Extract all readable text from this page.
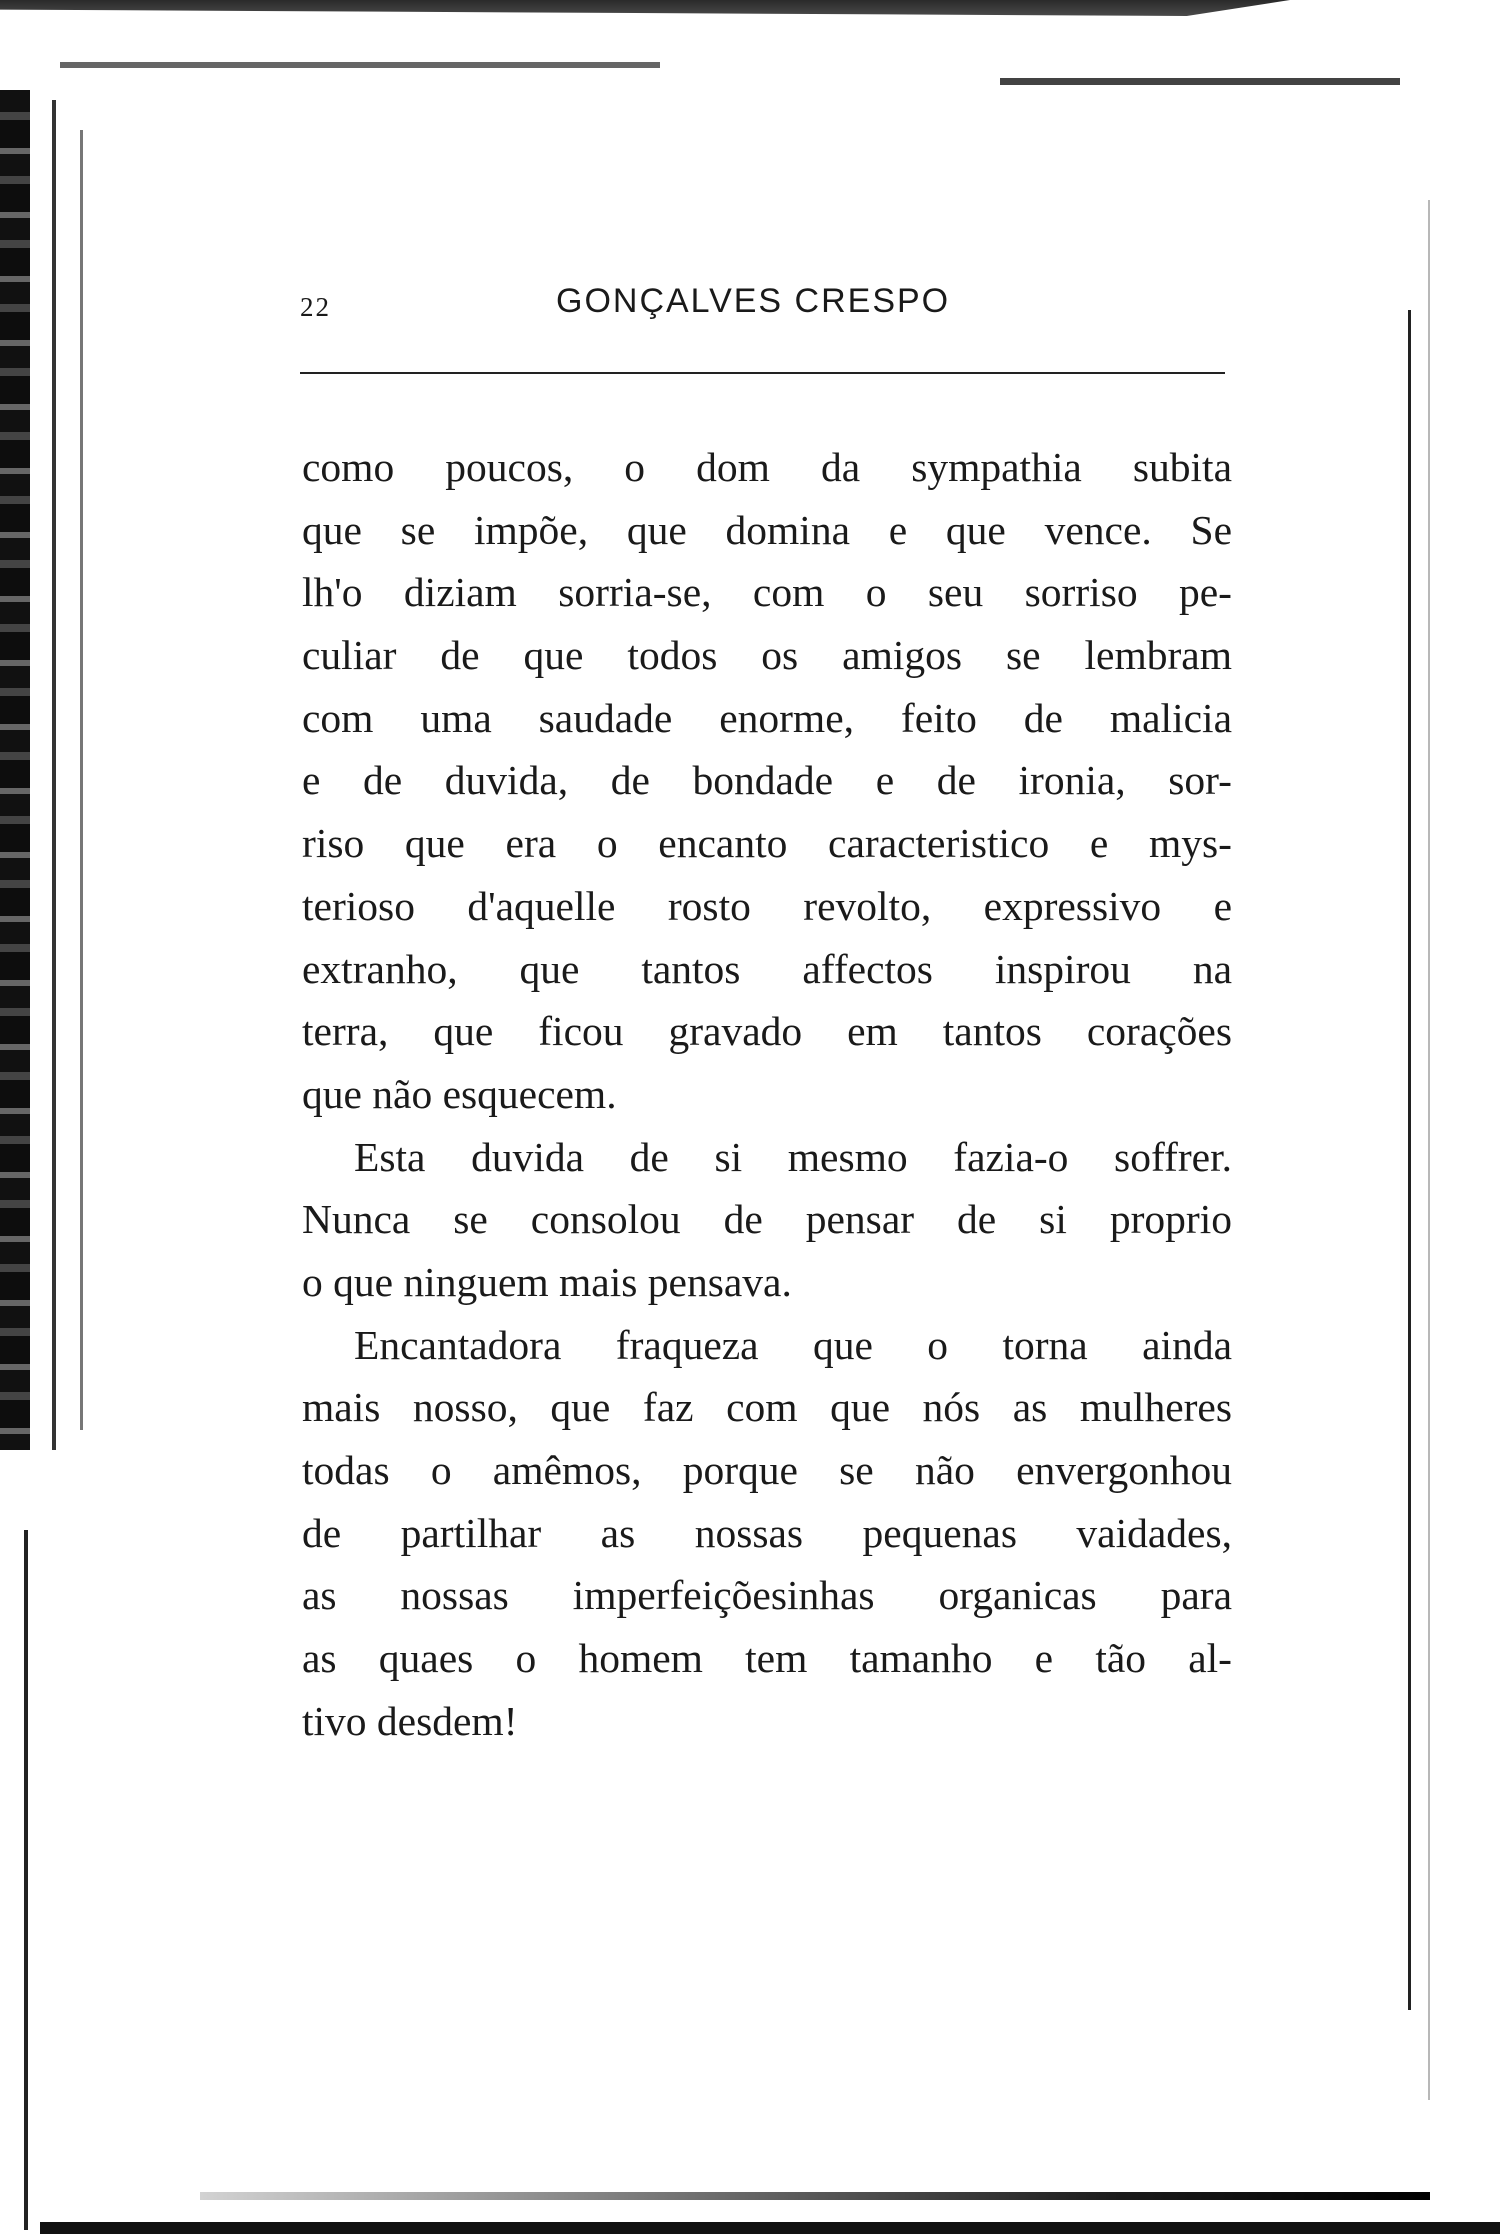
22	GONÇALVES CRESPO
como poucos, o dom da sympathia subita
que se impõe, que domina e que vence. Se
lh'o diziam sorria-se, com o seu sorriso pe-
culiar de que todos os amigos se lembram
com uma saudade enorme, feito de malicia
e de duvida, de bondade e de ironia, sor-
riso que era o encanto caracteristico e mys-
terioso d'aquelle rosto revolto, expressivo e
extranho, que tantos affectos inspirou na
terra, que ficou gravado em tantos corações
que não esquecem.
Esta duvida de si mesmo fazia-o soffrer.
Nunca se consolou de pensar de si proprio
o que ninguem mais pensava.
Encantadora fraqueza que o torna ainda
mais nosso, que faz com que nós as mulheres
todas o amêmos, porque se não envergonhou
de partilhar as nossas pequenas vaidades,
as nossas imperfeiçõesinhas organicas para
as quaes o homem tem tamanho e tão al-
tivo desdem!
